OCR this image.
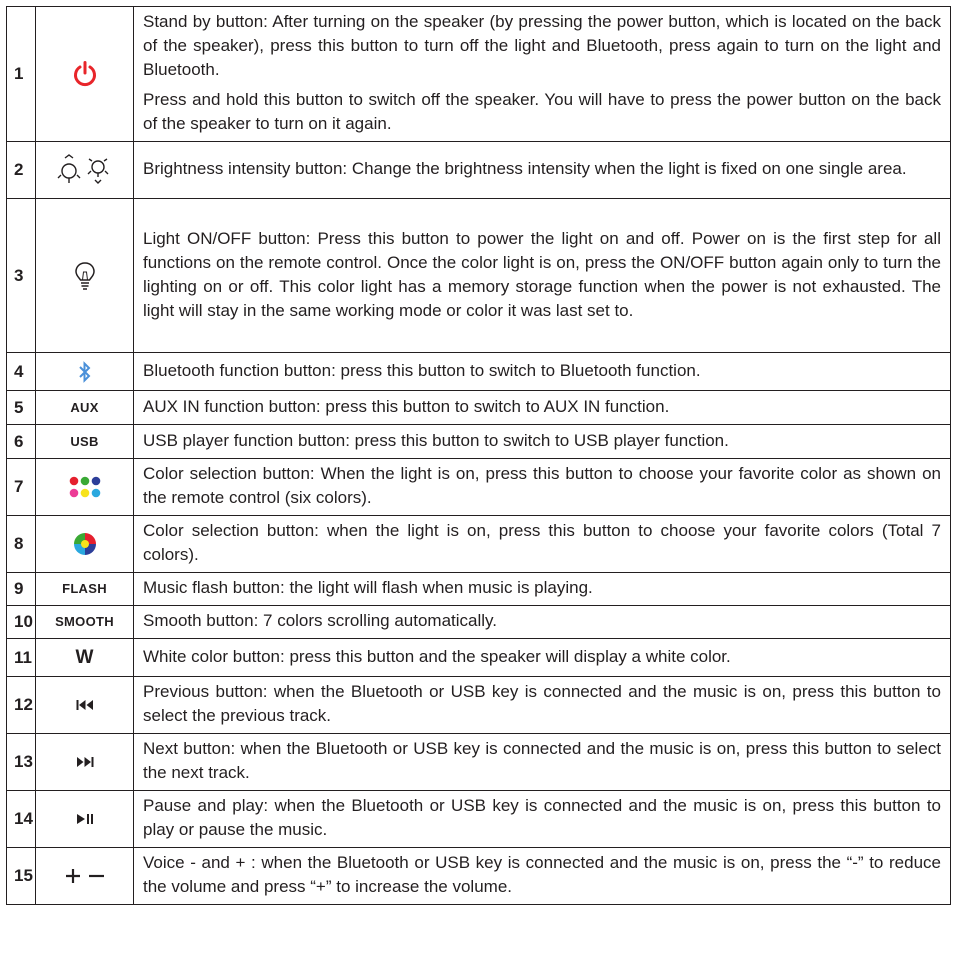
1		Stand by button: After turning on the speaker (by pressing the power button, which is located on the back of the speaker), press this button to turn off the light and Bluetooth, press again to turn on the light and Bluetooth.

Press and hold this button to switch off the speaker. You will have to press the power button on the back of the speaker to turn on it again.

2		Brightness intensity button: Change the brightness intensity when the light is fixed on one single area.
3		Light ON/OFF button: Press this button to power the light on and off. Power on is the first step for all functions on the remote control. Once the color light is on, press the ON/OFF button again only to turn the lighting on or off. This color light has a memory storage function when the power is not exhausted. The light will stay in the same working mode or color it was last set to.
4		Bluetooth function button: press this button to switch to Bluetooth function.
5	AUX	AUX IN function button: press this button to switch to AUX IN function.
6	USB	USB player function button: press this button to switch to USB player function.
7		Color selection button: When the light is on, press this button to choose your favorite color as shown on the remote control (six colors).
8		Color selection button: when the light is on, press this button to choose your favorite colors (Total 7 colors).
9	FLASH	Music flash button: the light will flash when music is playing.
10	SMOOTH	Smooth button: 7 colors scrolling automatically.
11	W	White color button: press this button and the speaker will display a white color.
12		Previous button: when the Bluetooth or USB key is connected and the music is on, press this button to select the previous track.
13		Next button: when the Bluetooth or USB key is connected and the music is on, press this button to select the next track.
14		Pause and play: when the Bluetooth or USB key is connected and the music is on, press this button to play or pause the music.
15		Voice - and + : when the Bluetooth or USB key is connected and the music is on, press the “-” to reduce the volume and press “+” to increase the volume.
